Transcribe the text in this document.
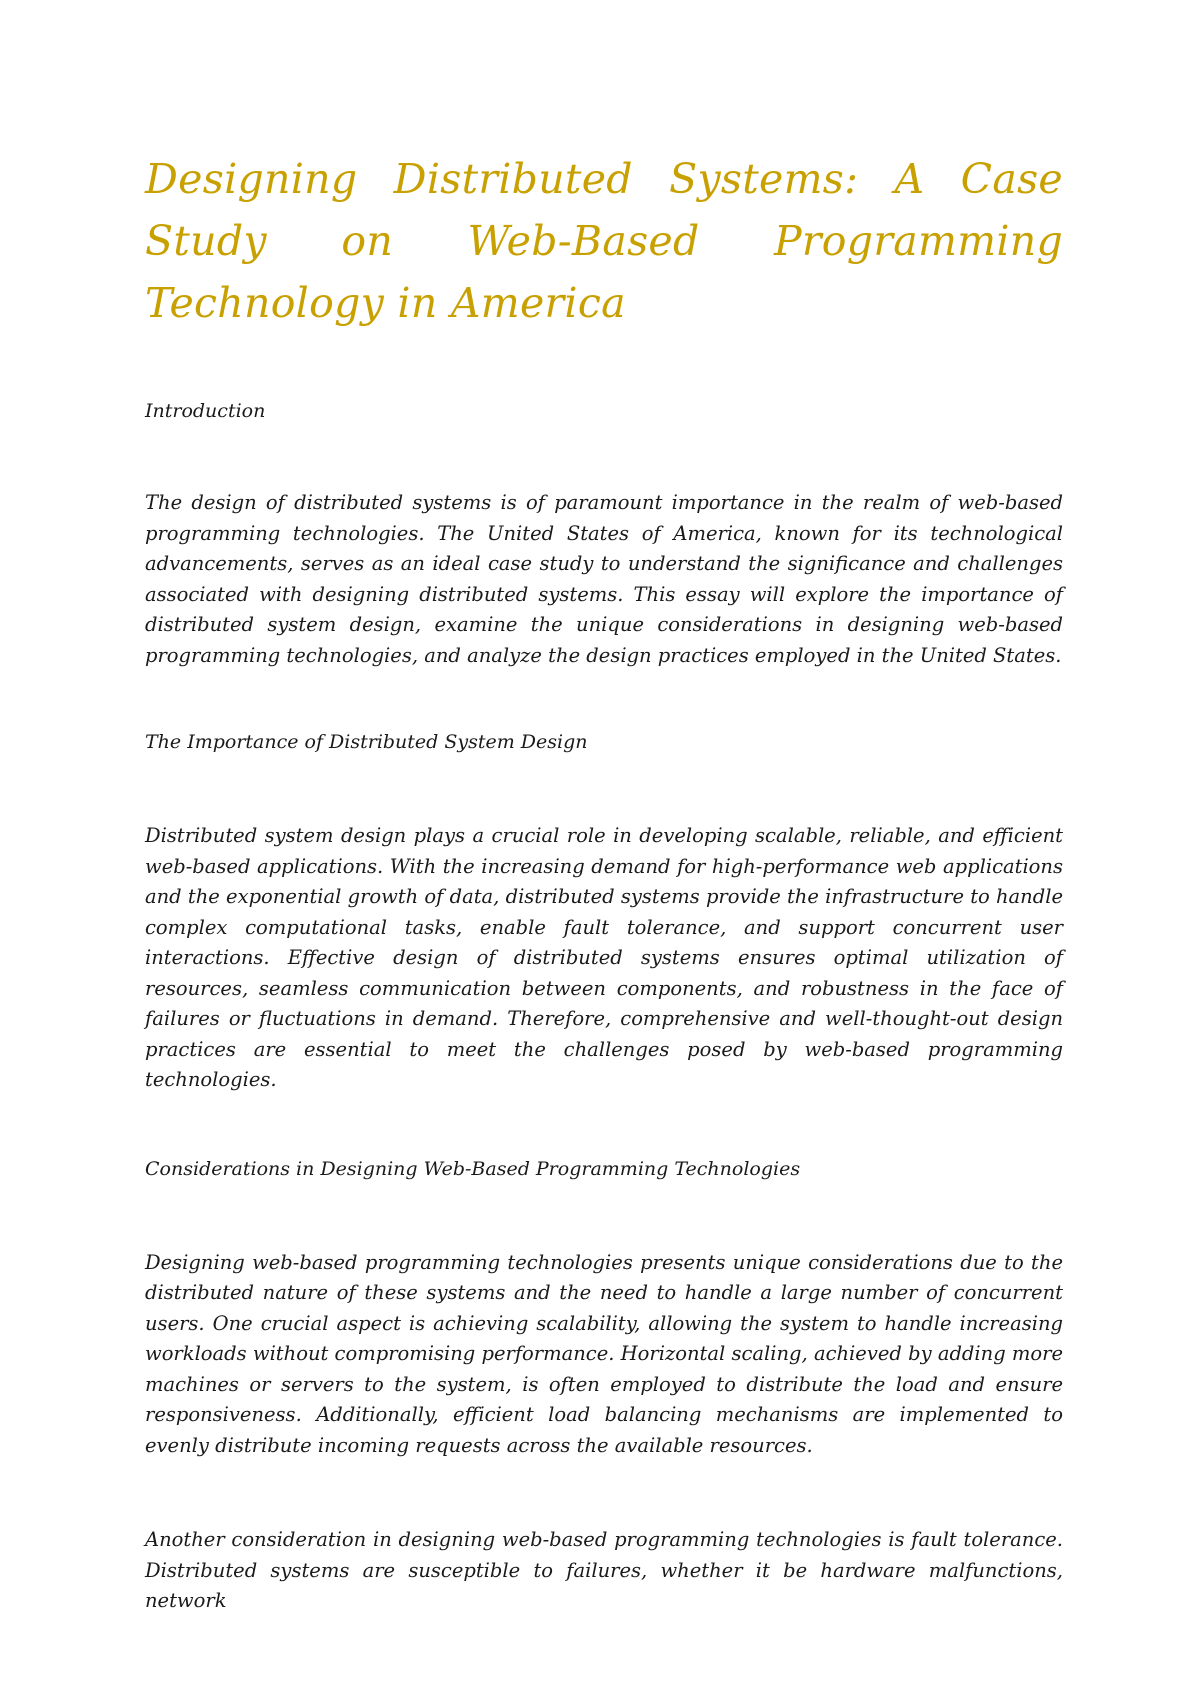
Designing Distributed Systems: A Case Study on Web-Based Programming Technology in America

Introduction

The design of distributed systems is of paramount importance in the realm of web-based programming technologies. The United States of America, known for its technological advancements, serves as an ideal case study to understand the significance and challenges associated with designing distributed systems. This essay will explore the importance of distributed system design, examine the unique considerations in designing web-based programming technologies, and analyze the design practices employed in the United States.

The Importance of Distributed System Design

Distributed system design plays a crucial role in developing scalable, reliable, and efficient web-based applications. With the increasing demand for high-performance web applications and the exponential growth of data, distributed systems provide the infrastructure to handle complex computational tasks, enable fault tolerance, and support concurrent user interactions. Effective design of distributed systems ensures optimal utilization of resources, seamless communication between components, and robustness in the face of failures or fluctuations in demand. Therefore, comprehensive and well-thought-out design practices are essential to meet the challenges posed by web-based programming technologies.

Considerations in Designing Web-Based Programming Technologies

Designing web-based programming technologies presents unique considerations due to the distributed nature of these systems and the need to handle a large number of concurrent users. One crucial aspect is achieving scalability, allowing the system to handle increasing workloads without compromising performance. Horizontal scaling, achieved by adding more machines or servers to the system, is often employed to distribute the load and ensure responsiveness. Additionally, efficient load balancing mechanisms are implemented to evenly distribute incoming requests across the available resources.

Another consideration in designing web-based programming technologies is fault tolerance. Distributed systems are susceptible to failures, whether it be hardware malfunctions, network
